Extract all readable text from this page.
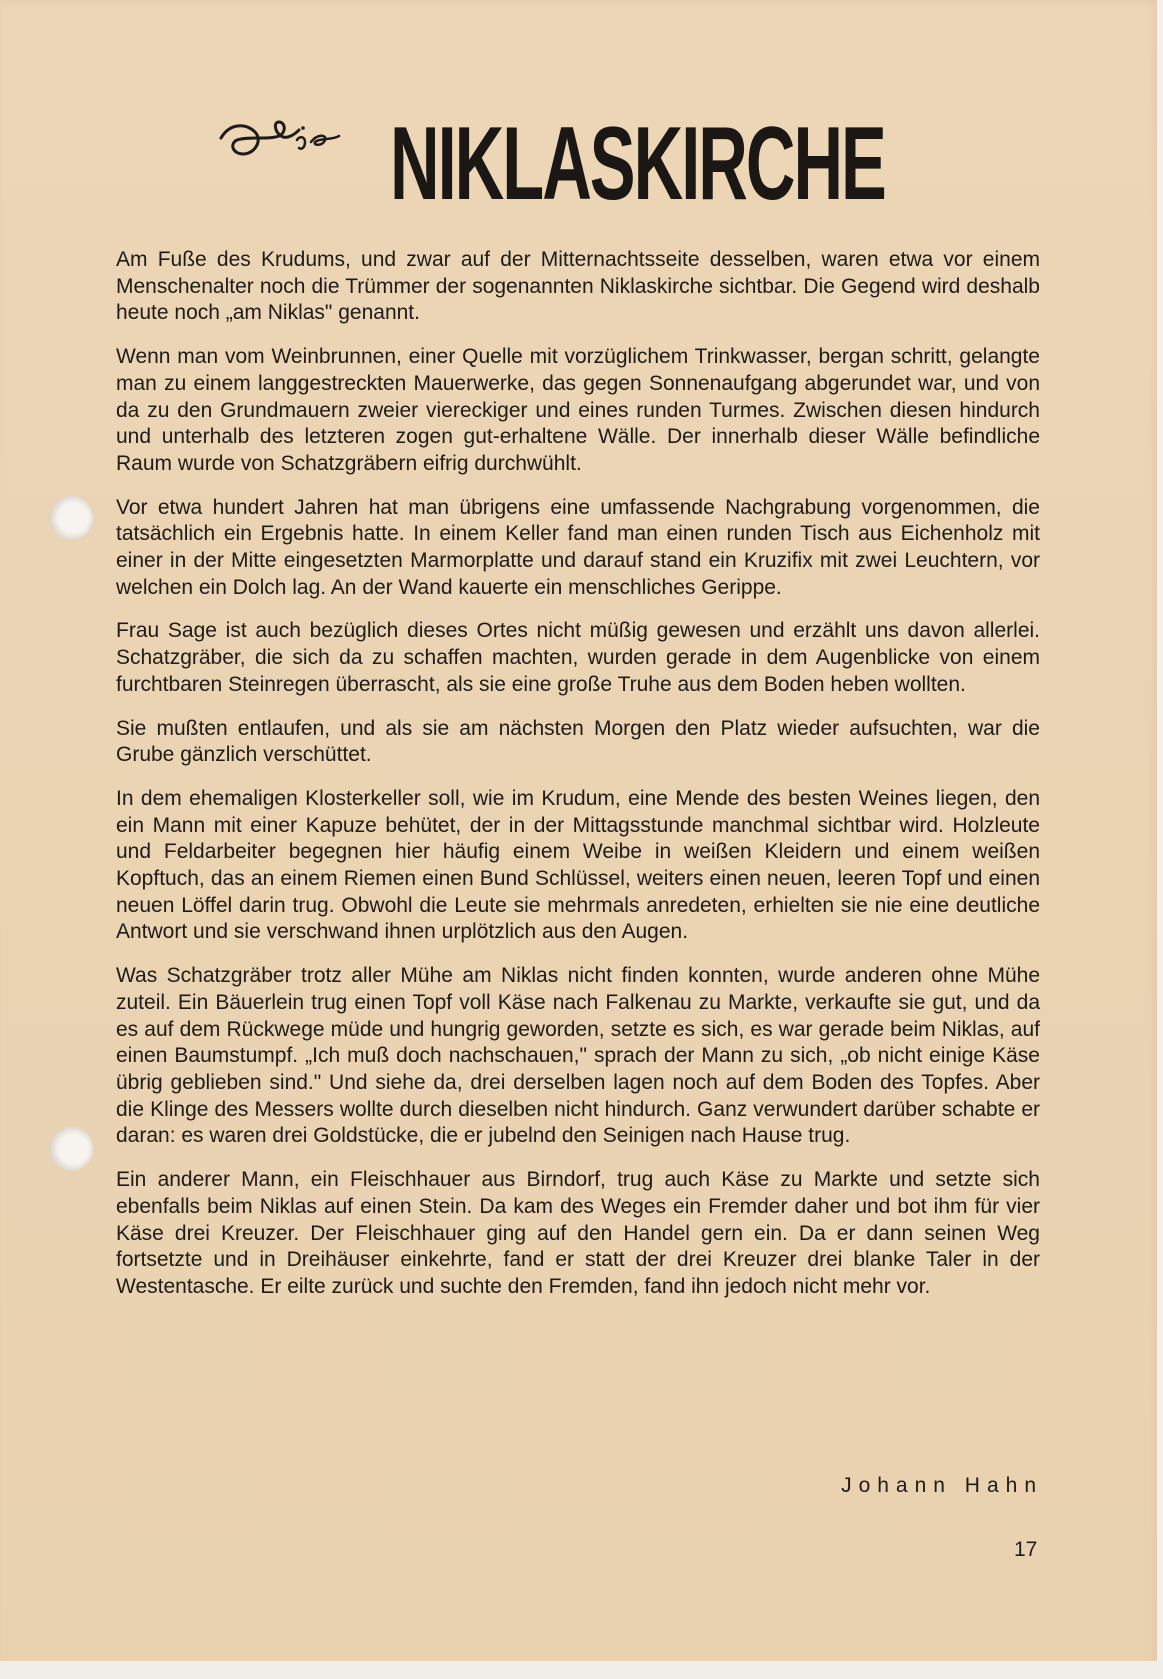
NIKLASKIRCHE

Am Fuße des Krudums, und zwar auf der Mitternachtsseite desselben, waren etwa vor einem Menschenalter noch die Trümmer der sogenannten Niklaskirche sichtbar. Die Gegend wird deshalb heute noch „am Niklas" genannt.

Wenn man vom Weinbrunnen, einer Quelle mit vorzüglichem Trinkwasser, bergan schritt, gelangte man zu einem langgestreckten Mauerwerke, das gegen Sonnenaufgang abgerundet war, und von da zu den Grundmauern zweier viereckiger und eines runden Turmes. Zwischen diesen hindurch und unterhalb des letzteren zogen gut-erhaltene Wälle. Der innerhalb dieser Wälle befindliche Raum wurde von Schatzgräbern eifrig durchwühlt.

Vor etwa hundert Jahren hat man übrigens eine umfassende Nachgrabung vorgenommen, die tatsächlich ein Ergebnis hatte. In einem Keller fand man einen runden Tisch aus Eichenholz mit einer in der Mitte eingesetzten Marmorplatte und darauf stand ein Kruzifix mit zwei Leuchtern, vor welchen ein Dolch lag. An der Wand kauerte ein menschliches Gerippe.

Frau Sage ist auch bezüglich dieses Ortes nicht müßig gewesen und erzählt uns davon allerlei. Schatzgräber, die sich da zu schaffen machten, wurden gerade in dem Augenblicke von einem furchtbaren Steinregen überrascht, als sie eine große Truhe aus dem Boden heben wollten.

Sie mußten entlaufen, und als sie am nächsten Morgen den Platz wieder aufsuchten, war die Grube gänzlich verschüttet.

In dem ehemaligen Klosterkeller soll, wie im Krudum, eine Mende des besten Weines liegen, den ein Mann mit einer Kapuze behütet, der in der Mittagsstunde manchmal sichtbar wird. Holzleute und Feldarbeiter begegnen hier häufig einem Weibe in weißen Kleidern und einem weißen Kopftuch, das an einem Riemen einen Bund Schlüssel, weiters einen neuen, leeren Topf und einen neuen Löffel darin trug. Obwohl die Leute sie mehrmals anredeten, erhielten sie nie eine deutliche Antwort und sie verschwand ihnen urplötzlich aus den Augen.

Was Schatzgräber trotz aller Mühe am Niklas nicht finden konnten, wurde anderen ohne Mühe zuteil. Ein Bäuerlein trug einen Topf voll Käse nach Falkenau zu Markte, verkaufte sie gut, und da es auf dem Rückwege müde und hungrig geworden, setzte es sich, es war gerade beim Niklas, auf einen Baumstumpf. „Ich muß doch nachschauen," sprach der Mann zu sich, „ob nicht einige Käse übrig geblieben sind." Und siehe da, drei derselben lagen noch auf dem Boden des Topfes. Aber die Klinge des Messers wollte durch dieselben nicht hindurch. Ganz verwundert darüber schabte er daran: es waren drei Goldstücke, die er jubelnd den Seinigen nach Hause trug.

Ein anderer Mann, ein Fleischhauer aus Birndorf, trug auch Käse zu Markte und setzte sich ebenfalls beim Niklas auf einen Stein. Da kam des Weges ein Fremder daher und bot ihm für vier Käse drei Kreuzer. Der Fleischhauer ging auf den Handel gern ein. Da er dann seinen Weg fortsetzte und in Dreihäuser einkehrte, fand er statt der drei Kreuzer drei blanke Taler in der Westentasche. Er eilte zurück und suchte den Fremden, fand ihn jedoch nicht mehr vor.

Johann Hahn
17
